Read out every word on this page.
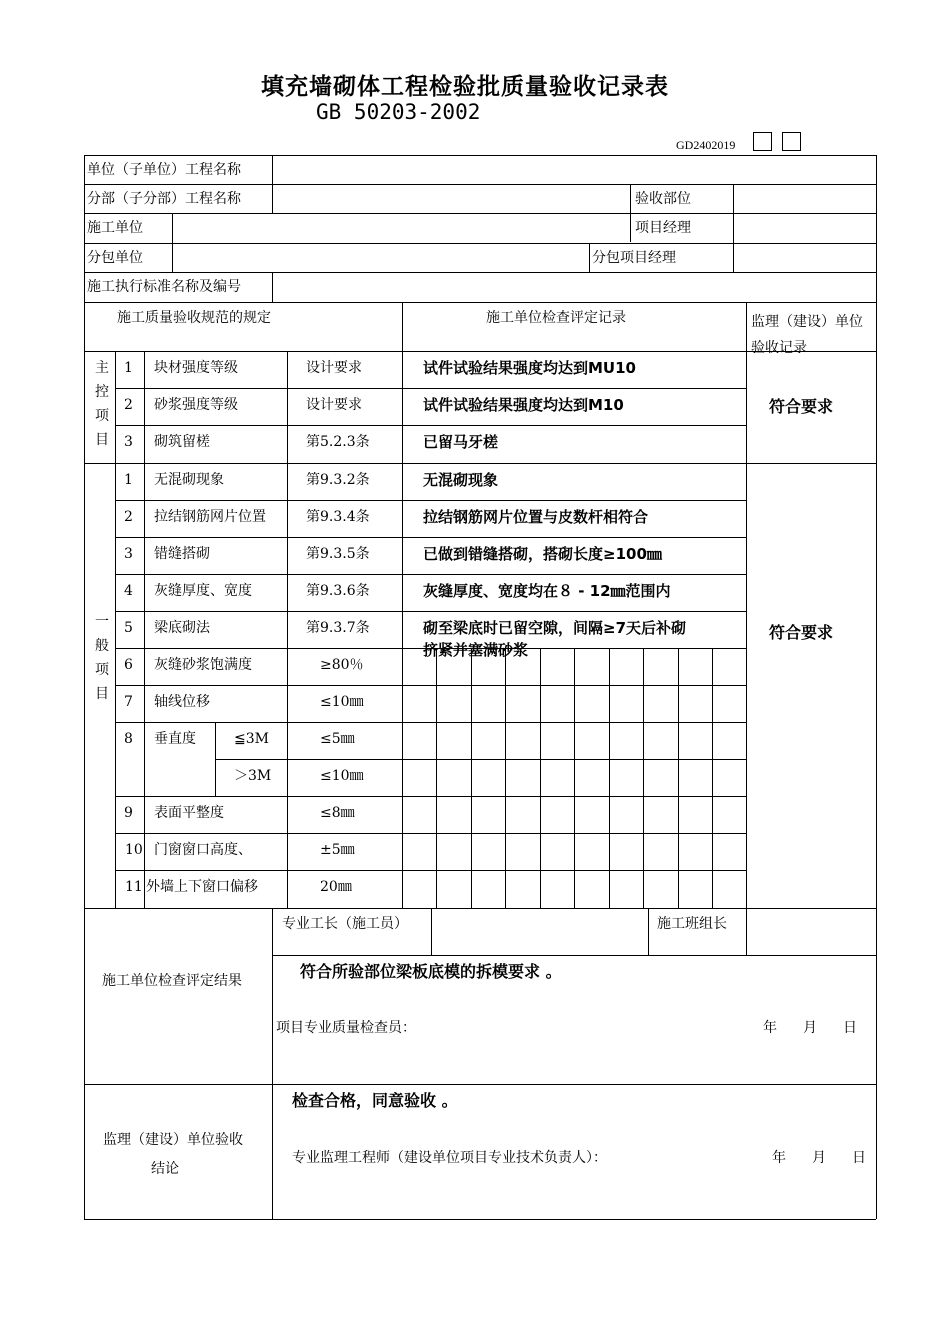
填充墙砌体工程检验批质量验收记录表
GB 50203-2002
GD2402019
单位（子单位）工程名称
分部（子分部）工程名称	验收部位
施工单位	项目经理
分包单位	分包项目经理
施工执行标准名称及编号
施工质量验收规范的规定	施工单位检查评定记录	监理（建设）单位验收记录
主控项目
1 块材强度等级	设计要求	试件试验结果强度均达到MU10
2 砂浆强度等级	设计要求	试件试验结果强度均达到M10
3 砌筑留槎	第5.2.3条	已留马牙槎
符合要求
一般项目
1 无混砌现象	第9.3.2条	无混砌现象
2 拉结钢筋网片位置	第9.3.4条	拉结钢筋网片位置与皮数杆相符合
3 错缝搭砌	第9.3.5条	已做到错缝搭砌，搭砌长度≥100㎜
4 灰缝厚度、宽度	第9.3.6条	灰缝厚度、宽度均在８ - 12㎜范围内
5 梁底砌法	第9.3.7条	砌至梁底时已留空隙，间隔≥7天后补砌
挤紧并塞满砂浆
6 灰缝砂浆饱满度	≥80％
7 轴线位移	≤10㎜
8 垂直度	≦3M	≤5㎜
＞3M	≤10㎜
9 表面平整度	≤8㎜
10 门窗窗口高度、	±5㎜
11 外墙上下窗口偏移	20㎜
符合要求
施工单位检查评定结果
专业工长（施工员）	施工班组长
符合所验部位梁板底模的拆模要求 。
项目专业质量检查员：	年 月 日
监理（建设）单位验收
结论
检查合格，同意验收 。
专业监理工程师（建设单位项目专业技术负责人）：	年 月 日
